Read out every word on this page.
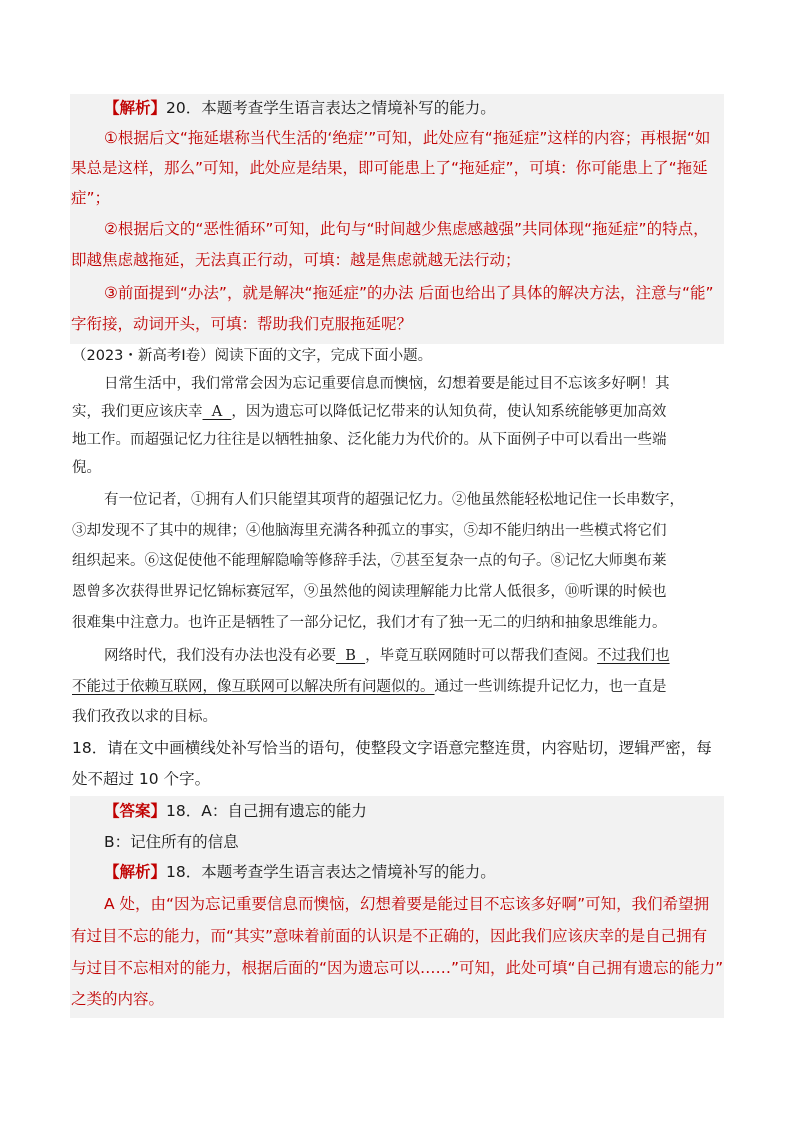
【解析】20．本题考查学生语言表达之情境补写的能力。
①根据后文“拖延堪称当代生活的‘绝症’”可知，此处应有“拖延症”这样的内容；再根据“如
果总是这样，那么”可知，此处应是结果，即可能患上了“拖延症”，可填：你可能患上了“拖延
症”；
②根据后文的“恶性循环”可知，此句与“时间越少焦虑感越强”共同体现“拖延症”的特点，
即越焦虑越拖延，无法真正行动，可填：越是焦虑就越无法行动；
③前面提到“办法”，就是解决“拖延症”的办法 后面也给出了具体的解决方法，注意与“能”
字衔接，动词开头，可填：帮助我们克服拖延呢？
（2023・新高考Ⅰ卷）阅读下面的文字，完成下面小题。
日常生活中，我们常常会因为忘记重要信息而懊恼，幻想着要是能过目不忘该多好啊！其
实，我们更应该庆幸  A  ，因为遗忘可以降低记忆带来的认知负荷，使认知系统能够更加高效
地工作。而超强记忆力往往是以牺牲抽象、泛化能力为代价的。从下面例子中可以看出一些端
倪。
有一位记者，①拥有人们只能望其项背的超强记忆力。②他虽然能轻松地记住一长串数字，
③却发现不了其中的规律；④他脑海里充满各种孤立的事实，⑤却不能归纳出一些模式将它们
组织起来。⑥这促使他不能理解隐喻等修辞手法，⑦甚至复杂一点的句子。⑧记忆大师奥布莱
恩曾多次获得世界记忆锦标赛冠军，⑨虽然他的阅读理解能力比常人低很多，⑩听课的时候也
很难集中注意力。也许正是牺牲了一部分记忆，我们才有了独一无二的归纳和抽象思维能力。
网络时代，我们没有办法也没有必要  B  ，毕竟互联网随时可以帮我们查阅。不过我们也
不能过于依赖互联网，像互联网可以解决所有问题似的。通过一些训练提升记忆力，也一直是
我们孜孜以求的目标。
18．请在文中画横线处补写恰当的语句，使整段文字语意完整连贯，内容贴切，逻辑严密，每
处不超过 10 个字。
【答案】18．A：自己拥有遗忘的能力
B：记住所有的信息
【解析】18．本题考查学生语言表达之情境补写的能力。
A 处，由“因为忘记重要信息而懊恼，幻想着要是能过目不忘该多好啊”可知，我们希望拥
有过目不忘的能力，而“其实”意味着前面的认识是不正确的，因此我们应该庆幸的是自己拥有
与过目不忘相对的能力，根据后面的“因为遗忘可以……”可知，此处可填“自己拥有遗忘的能力”
之类的内容。
